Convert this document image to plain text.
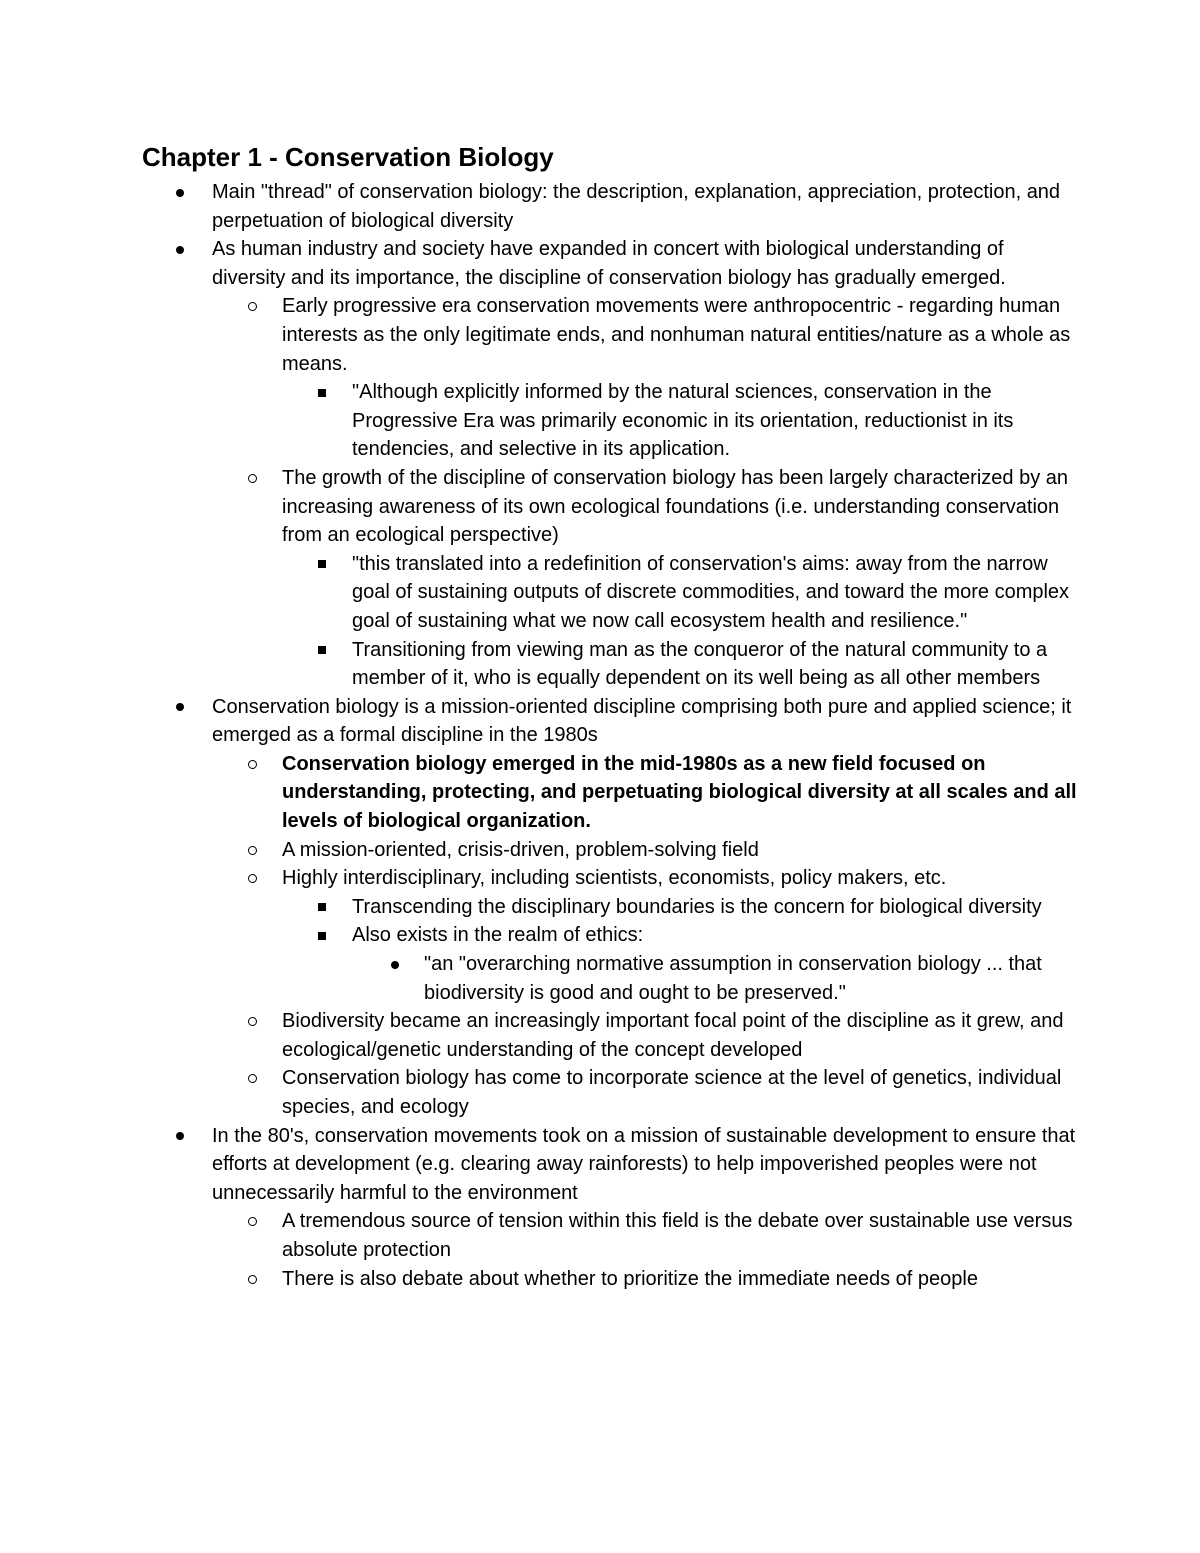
Chapter 1 - Conservation Biology
Main "thread" of conservation biology: the description, explanation, appreciation, protection, and perpetuation of biological diversity
As human industry and society have expanded in concert with biological understanding of diversity and its importance, the discipline of conservation biology has gradually emerged.
Early progressive era conservation movements were anthropocentric - regarding human interests as the only legitimate ends, and nonhuman natural entities/nature as a whole as means.
"Although explicitly informed by the natural sciences, conservation in the Progressive Era was primarily economic in its orientation, reductionist in its tendencies, and selective in its application.
The growth of the discipline of conservation biology has been largely characterized by an increasing awareness of its own ecological foundations (i.e. understanding conservation from an ecological perspective)
"this translated into a redefinition of conservation's aims: away from the narrow goal of sustaining outputs of discrete commodities, and toward the more complex goal of sustaining what we now call ecosystem health and resilience."
Transitioning from viewing man as the conqueror of the natural community to a member of it, who is equally dependent on its well being as all other members
Conservation biology is a mission-oriented discipline comprising both pure and applied science; it emerged as a formal discipline in the 1980s
Conservation biology emerged in the mid-1980s as a new field focused on understanding, protecting, and perpetuating biological diversity at all scales and all levels of biological organization.
A mission-oriented, crisis-driven, problem-solving field
Highly interdisciplinary, including scientists, economists, policy makers, etc.
Transcending the disciplinary boundaries is the concern for biological diversity
Also exists in the realm of ethics:
"an "overarching normative assumption in conservation biology ... that biodiversity is good and ought to be preserved."
Biodiversity became an increasingly important focal point of the discipline as it grew, and ecological/genetic understanding of the concept developed
Conservation biology has come to incorporate science at the level of genetics, individual species, and ecology
In the 80's, conservation movements took on a mission of sustainable development to ensure that efforts at development (e.g. clearing away rainforests) to help impoverished peoples were not unnecessarily harmful to the environment
A tremendous source of tension within this field is the debate over sustainable use versus absolute protection
There is also debate about whether to prioritize the immediate needs of people
